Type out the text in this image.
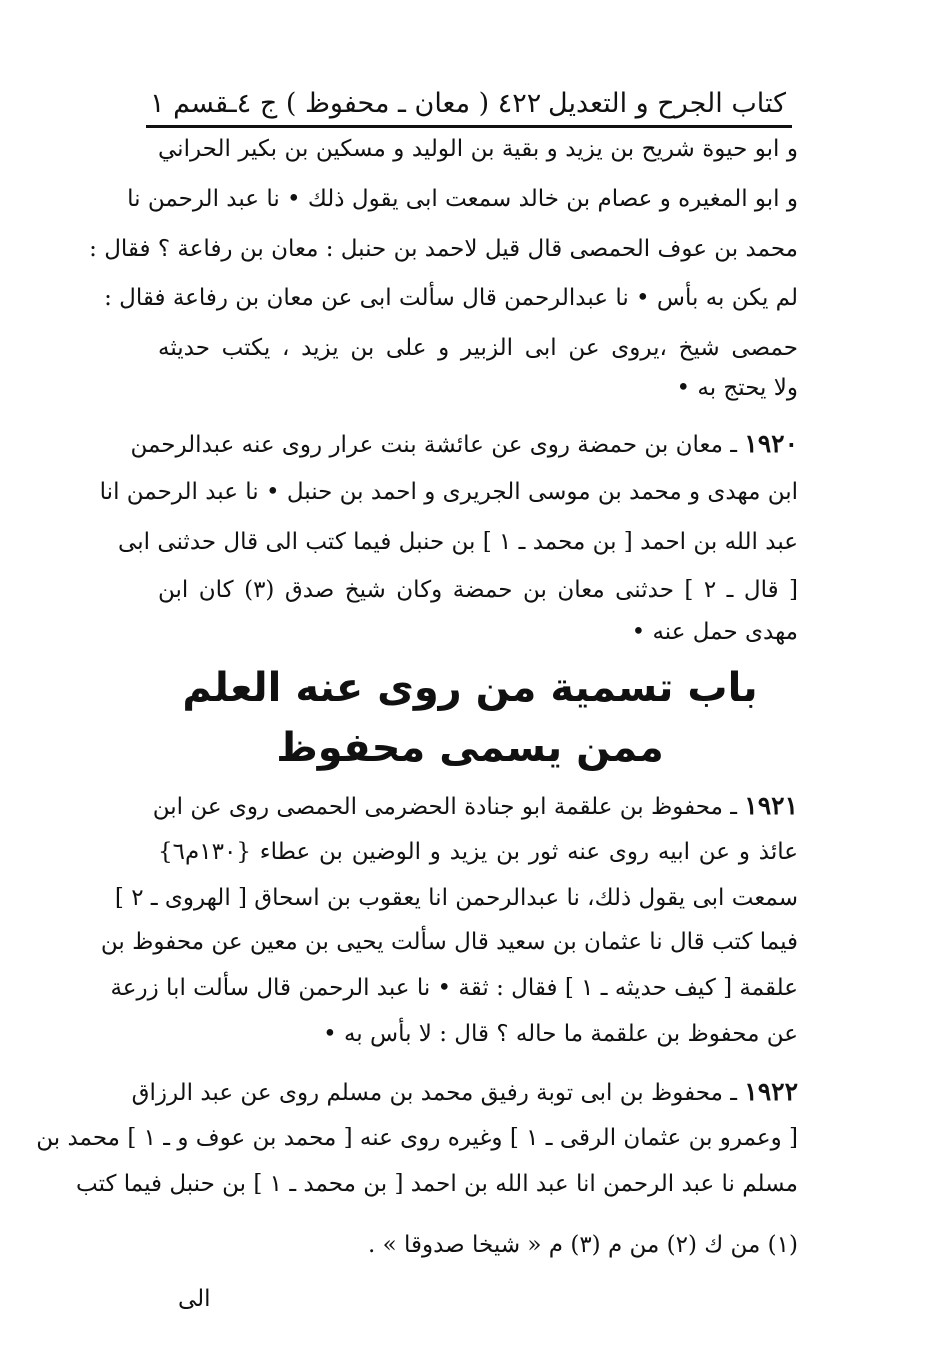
كتاب الجرح و التعديل
٤٢٢ ( معان ـ محفوظ ) ج ٤ـقسم ١
و ابو حيوة شريح بن يزيد و بقية بن الوليد و مسكين بن بكير الحراني
و ابو المغيره و عصام بن خالد سمعت ابى يقول ذلك • نا عبد الرحمن نا
محمد بن عوف الحمصى قال قيل لاحمد بن حنبل : معان بن رفاعة ؟ فقال :
لم يكن به بأس • نا عبدالرحمن قال سألت ابى عن معان بن رفاعة فقال :
حمصى شيخ ،يروى عن ابى الزبير و على بن يزيد ، يكتب حديثه
ولا يحتج به •
١٩٢٠ ـ معان بن حمضة روى عن عائشة بنت عرار روى عنه عبدالرحمن
ابن مهدى و محمد بن موسى الجريرى و احمد بن حنبل • نا عبد الرحمن انا
عبد الله بن احمد [ بن محمد ـ ١ ] بن حنبل فيما كتب الى قال حدثنى ابى
[ قال ـ ٢ ] حدثنى معان بن حمضة وكان شيخ صدق (٣) كان ابن
مهدى حمل عنه •
باب تسمية من روى عنه العلم
ممن يسمى محفوظ
١٩٢١ ـ محفوظ بن علقمة ابو جنادة الحضرمى الحمصى روى عن ابن
عائذ و عن ابيه روى عنه ثور بن يزيد و الوضين بن عطاء {١٣٠م٦}
سمعت ابى يقول ذلك، نا عبدالرحمن انا يعقوب بن اسحاق [ الهروى ـ ٢ ]
فيما كتب قال نا عثمان بن سعيد قال سألت يحيى بن معين عن محفوظ بن
علقمة [ كيف حديثه ـ ١ ] فقال : ثقة • نا عبد الرحمن قال سألت ابا زرعة
عن محفوظ بن علقمة ما حاله ؟ قال : لا بأس به •
١٩٢٢ ـ محفوظ بن ابى توبة رفيق محمد بن مسلم روى عن عبد الرزاق
[ وعمرو بن عثمان الرقى ـ ١ ] وغيره روى عنه [ محمد بن عوف و ـ ١ ] محمد بن
مسلم نا عبد الرحمن انا عبد الله بن احمد [ بن محمد ـ ١ ] بن حنبل فيما كتب
(١) من ك (٢) من م (٣) م « شيخا صدوقا » .
الى
